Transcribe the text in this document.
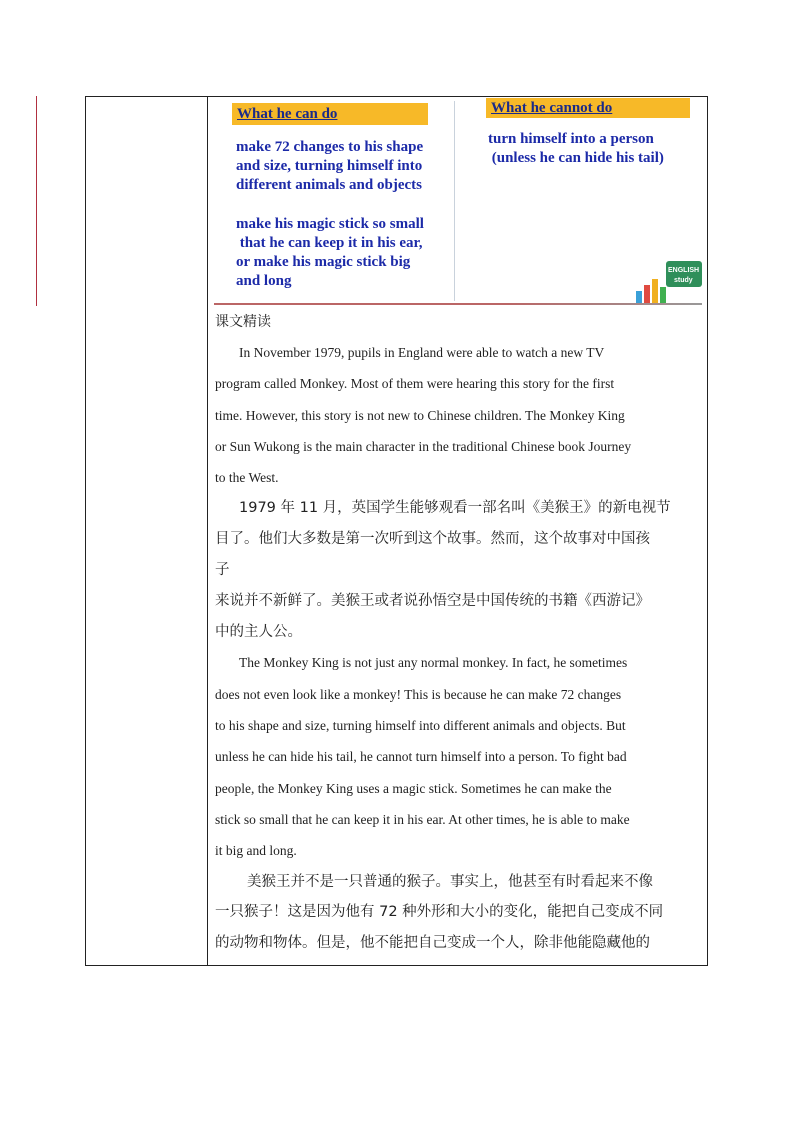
What he can do
make 72 changes to his shape
and size, turning himself into
different animals and objects
make his magic stick so small
that he can keep it in his ear,
or make his magic stick big
and long
What he cannot do
turn himself into a person
(unless he can hide his tail)
ENGLISH
study
课文精读
In November 1979, pupils in England were able to watch a new TV
program called Monkey. Most of them were hearing this story for the first
time. However, this story is not new to Chinese children. The Monkey King
or Sun Wukong is the main character in the traditional Chinese book Journey
to the West.
1979 年 11 月，英国学生能够观看一部名叫《美猴王》的新电视节
目了。他们大多数是第一次听到这个故事。然而，这个故事对中国孩
子
来说并不新鲜了。美猴王或者说孙悟空是中国传统的书籍《西游记》
中的主人公。
The Monkey King is not just any normal monkey. In fact, he sometimes
does not even look like a monkey! This is because he can make 72 changes
to his shape and size, turning himself into different animals and objects. But
unless he can hide his tail, he cannot turn himself into a person. To fight bad
people, the Monkey King uses a magic stick. Sometimes he can make the
stick so small that he can keep it in his ear. At other times, he is able to make
it big and long.
美猴王并不是一只普通的猴子。事实上，他甚至有时看起来不像
一只猴子！这是因为他有 72 种外形和大小的变化，能把自己变成不同
的动物和物体。但是，他不能把自己变成一个人，除非他能隐藏他的
